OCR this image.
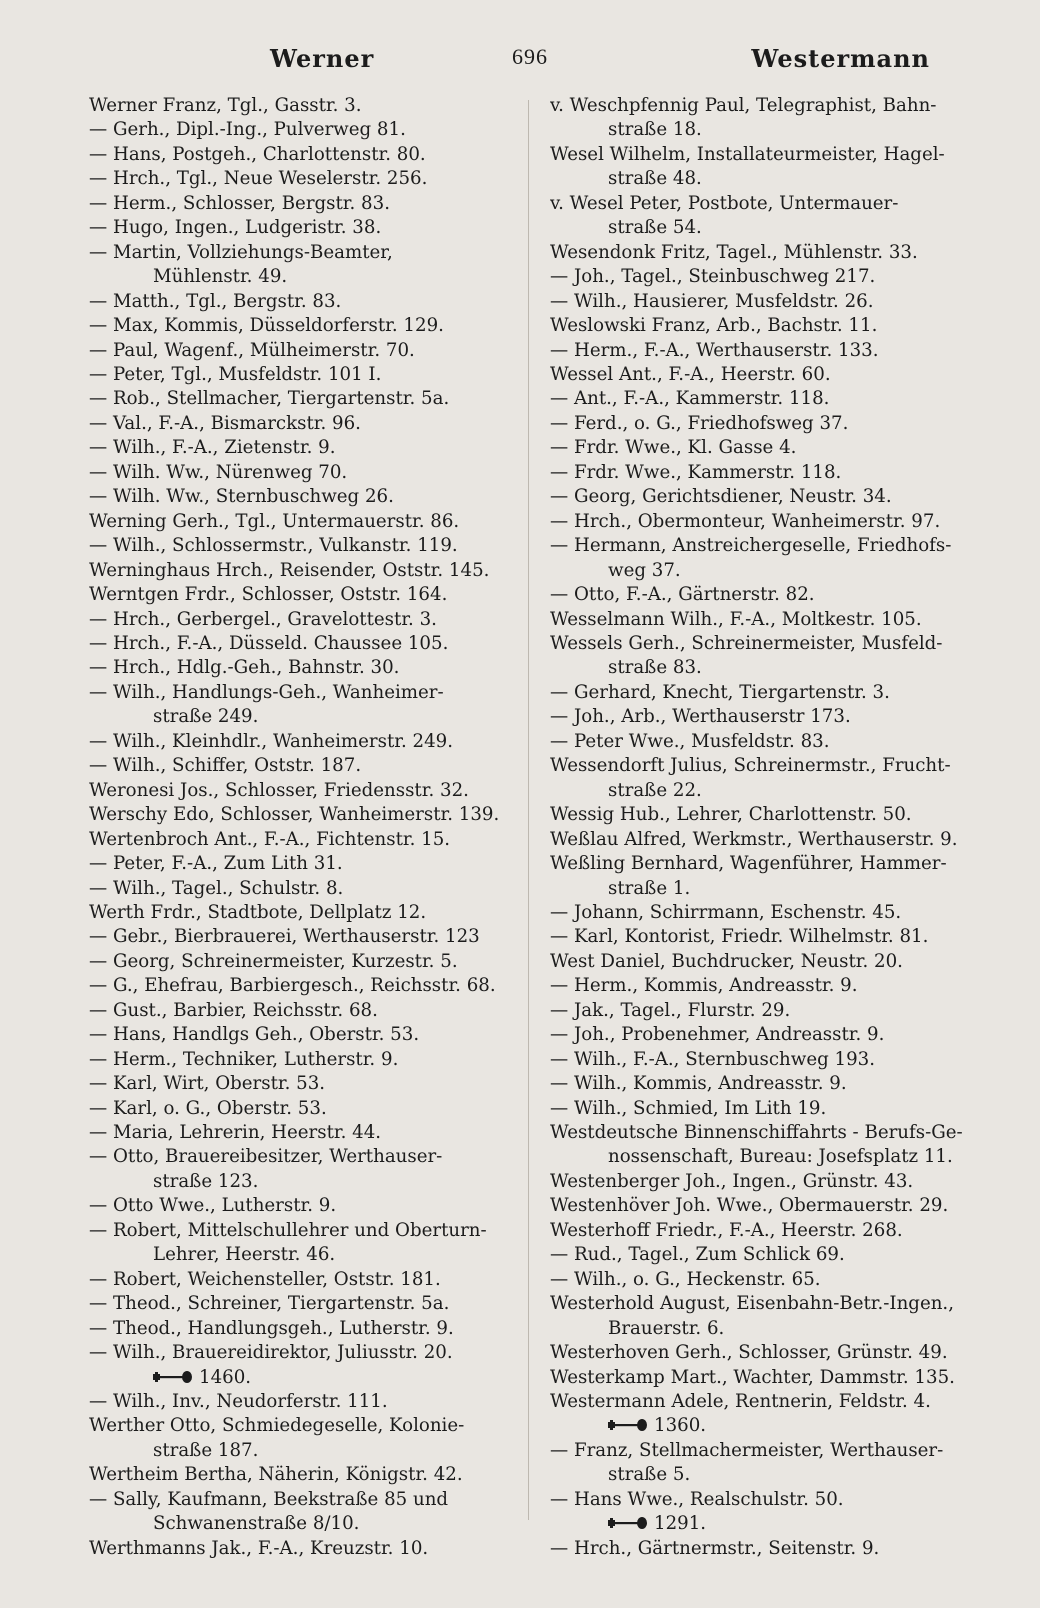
Werner	696	Westermann
Werner Franz, Tgl., Gasstr. 3.
— Gerh., Dipl.-Ing., Pulverweg 81.
— Hans, Postgeh., Charlottenstr. 80.
— Hrch., Tgl., Neue Weselerstr. 256.
— Herm., Schlosser, Bergstr. 83.
— Hugo, Ingen., Ludgeristr. 38.
— Martin, Vollziehungs-Beamter,
Mühlenstr. 49.
— Matth., Tgl., Bergstr. 83.
— Max, Kommis, Düsseldorferstr. 129.
— Paul, Wagenf., Mülheimerstr. 70.
— Peter, Tgl., Musfeldstr. 101 I.
— Rob., Stellmacher, Tiergartenstr. 5a.
— Val., F.-A., Bismarckstr. 96.
— Wilh., F.-A., Zietenstr. 9.
— Wilh. Ww., Nürenweg 70.
— Wilh. Ww., Sternbuschweg 26.
Werning Gerh., Tgl., Untermauerstr. 86.
— Wilh., Schlossermstr., Vulkanstr. 119.
Werninghaus Hrch., Reisender, Oststr. 145.
Werntgen Frdr., Schlosser, Oststr. 164.
— Hrch., Gerbergel., Gravelottestr. 3.
— Hrch., F.-A., Düsseld. Chaussee 105.
— Hrch., Hdlg.-Geh., Bahnstr. 30.
— Wilh., Handlungs-Geh., Wanheimer-
straße 249.
— Wilh., Kleinhdlr., Wanheimerstr. 249.
— Wilh., Schiffer, Oststr. 187.
Weronesi Jos., Schlosser, Friedensstr. 32.
Werschy Edo, Schlosser, Wanheimerstr. 139.
Wertenbroch Ant., F.-A., Fichtenstr. 15.
— Peter, F.-A., Zum Lith 31.
— Wilh., Tagel., Schulstr. 8.
Werth Frdr., Stadtbote, Dellplatz 12.
— Gebr., Bierbrauerei, Werthauserstr. 123
— Georg, Schreinermeister, Kurzestr. 5.
— G., Ehefrau, Barbiergesch., Reichsstr. 68.
— Gust., Barbier, Reichsstr. 68.
— Hans, Handlgs Geh., Oberstr. 53.
— Herm., Techniker, Lutherstr. 9.
— Karl, Wirt, Oberstr. 53.
— Karl, o. G., Oberstr. 53.
— Maria, Lehrerin, Heerstr. 44.
— Otto, Brauereibesitzer, Werthauser-
straße 123.
— Otto Wwe., Lutherstr. 9.
— Robert, Mittelschullehrer und Oberturn-
Lehrer, Heerstr. 46.
— Robert, Weichensteller, Oststr. 181.
— Theod., Schreiner, Tiergartenstr. 5a.
— Theod., Handlungsgeh., Lutherstr. 9.
— Wilh., Brauereidirektor, Juliusstr. 20.
1460.
— Wilh., Inv., Neudorferstr. 111.
Werther Otto, Schmiedegeselle, Kolonie-
straße 187.
Wertheim Bertha, Näherin, Königstr. 42.
— Sally, Kaufmann, Beekstraße 85 und
Schwanenstraße 8/10.
Werthmanns Jak., F.-A., Kreuzstr. 10.
v. Weschpfennig Paul, Telegraphist, Bahn-
straße 18.
Wesel Wilhelm, Installateurmeister, Hagel-
straße 48.
v. Wesel Peter, Postbote, Untermauer-
straße 54.
Wesendonk Fritz, Tagel., Mühlenstr. 33.
— Joh., Tagel., Steinbuschweg 217.
— Wilh., Hausierer, Musfeldstr. 26.
Weslowski Franz, Arb., Bachstr. 11.
— Herm., F.-A., Werthauserstr. 133.
Wessel Ant., F.-A., Heerstr. 60.
— Ant., F.-A., Kammerstr. 118.
— Ferd., o. G., Friedhofsweg 37.
— Frdr. Wwe., Kl. Gasse 4.
— Frdr. Wwe., Kammerstr. 118.
— Georg, Gerichtsdiener, Neustr. 34.
— Hrch., Obermonteur, Wanheimerstr. 97.
— Hermann, Anstreichergeselle, Friedhofs-
weg 37.
— Otto, F.-A., Gärtnerstr. 82.
Wesselmann Wilh., F.-A., Moltkestr. 105.
Wessels Gerh., Schreinermeister, Musfeld-
straße 83.
— Gerhard, Knecht, Tiergartenstr. 3.
— Joh., Arb., Werthauserstr 173.
— Peter Wwe., Musfeldstr. 83.
Wessendorft Julius, Schreinermstr., Frucht-
straße 22.
Wessig Hub., Lehrer, Charlottenstr. 50.
Weßlau Alfred, Werkmstr., Werthauserstr. 9.
Weßling Bernhard, Wagenführer, Hammer-
straße 1.
— Johann, Schirrmann, Eschenstr. 45.
— Karl, Kontorist, Friedr. Wilhelmstr. 81.
West Daniel, Buchdrucker, Neustr. 20.
— Herm., Kommis, Andreasstr. 9.
— Jak., Tagel., Flurstr. 29.
— Joh., Probenehmer, Andreasstr. 9.
— Wilh., F.-A., Sternbuschweg 193.
— Wilh., Kommis, Andreasstr. 9.
— Wilh., Schmied, Im Lith 19.
Westdeutsche Binnenschiffahrts - Berufs-Ge-
nossenschaft, Bureau: Josefsplatz 11.
Westenberger Joh., Ingen., Grünstr. 43.
Westenhöver Joh. Wwe., Obermauerstr. 29.
Westerhoff Friedr., F.-A., Heerstr. 268.
— Rud., Tagel., Zum Schlick 69.
— Wilh., o. G., Heckenstr. 65.
Westerhold August, Eisenbahn-Betr.-Ingen.,
Brauerstr. 6.
Westerhoven Gerh., Schlosser, Grünstr. 49.
Westerkamp Mart., Wachter, Dammstr. 135.
Westermann Adele, Rentnerin, Feldstr. 4.
1360.
— Franz, Stellmachermeister, Werthauser-
straße 5.
— Hans Wwe., Realschulstr. 50.
1291.
— Hrch., Gärtnermstr., Seitenstr. 9.
